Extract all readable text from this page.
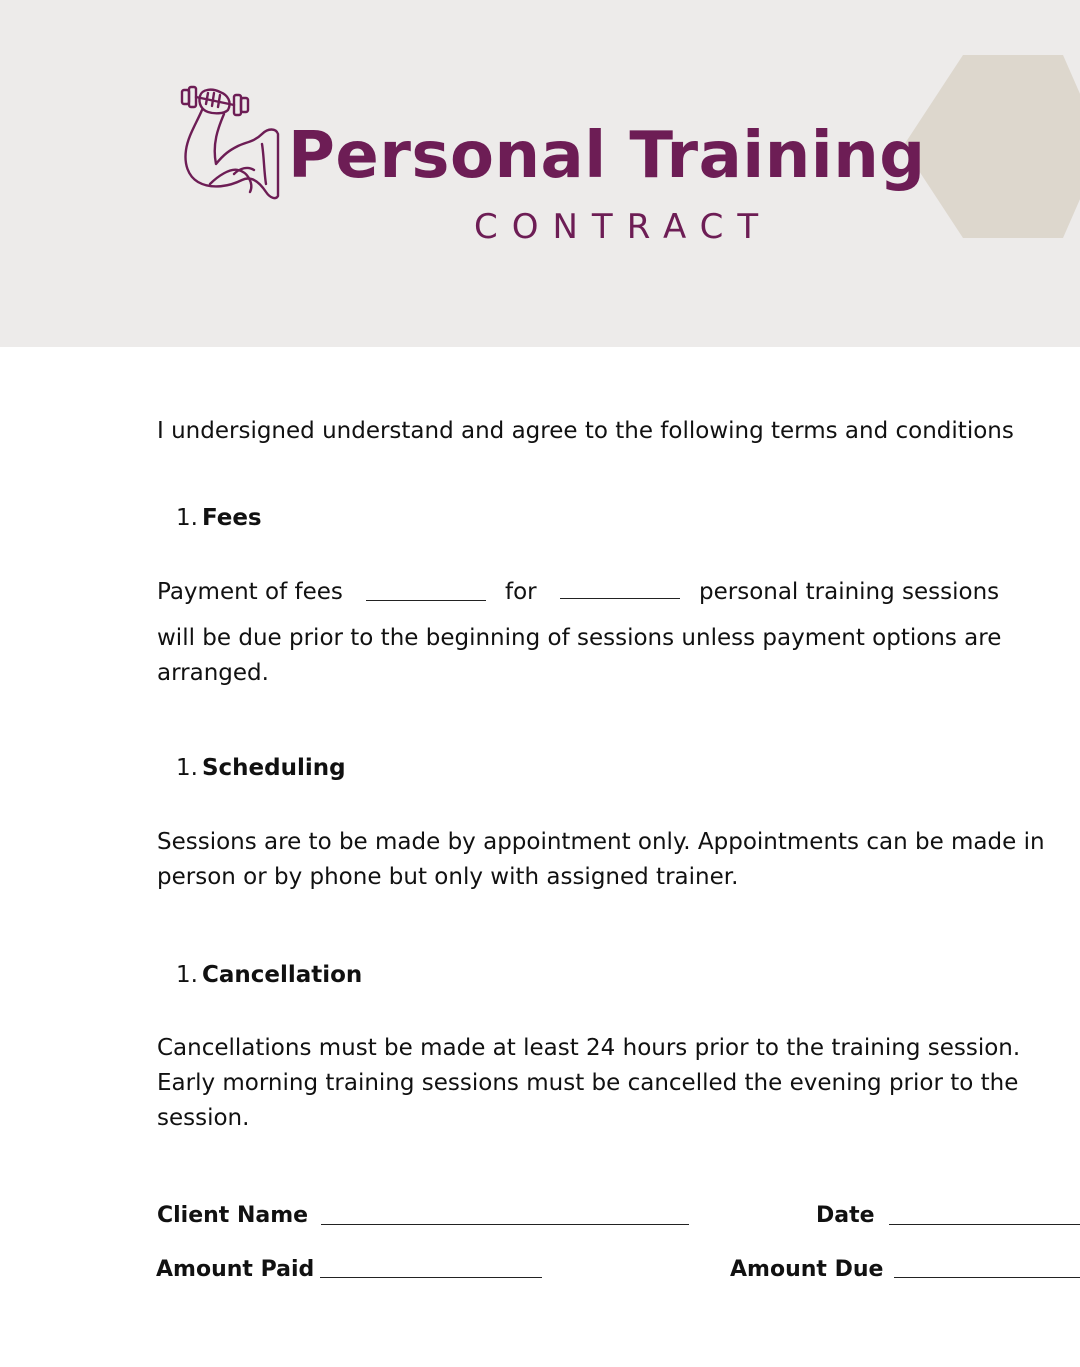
Personal Training
CONTRACT

I undersigned understand and agree to the following terms and conditions

1. Fees
Payment of fees	for	personal training sessions

will be due prior to the beginning of sessions unless payment options are arranged.

1. Scheduling

Sessions are to be made by appointment only. Appointments can be made in person or by phone but only with assigned trainer.

1. Cancellation

Cancellations must be made at least 24 hours prior to the training session. Early morning training sessions must be cancelled the evening prior to the session.

Client Name	Date
Amount Paid	Amount Due
